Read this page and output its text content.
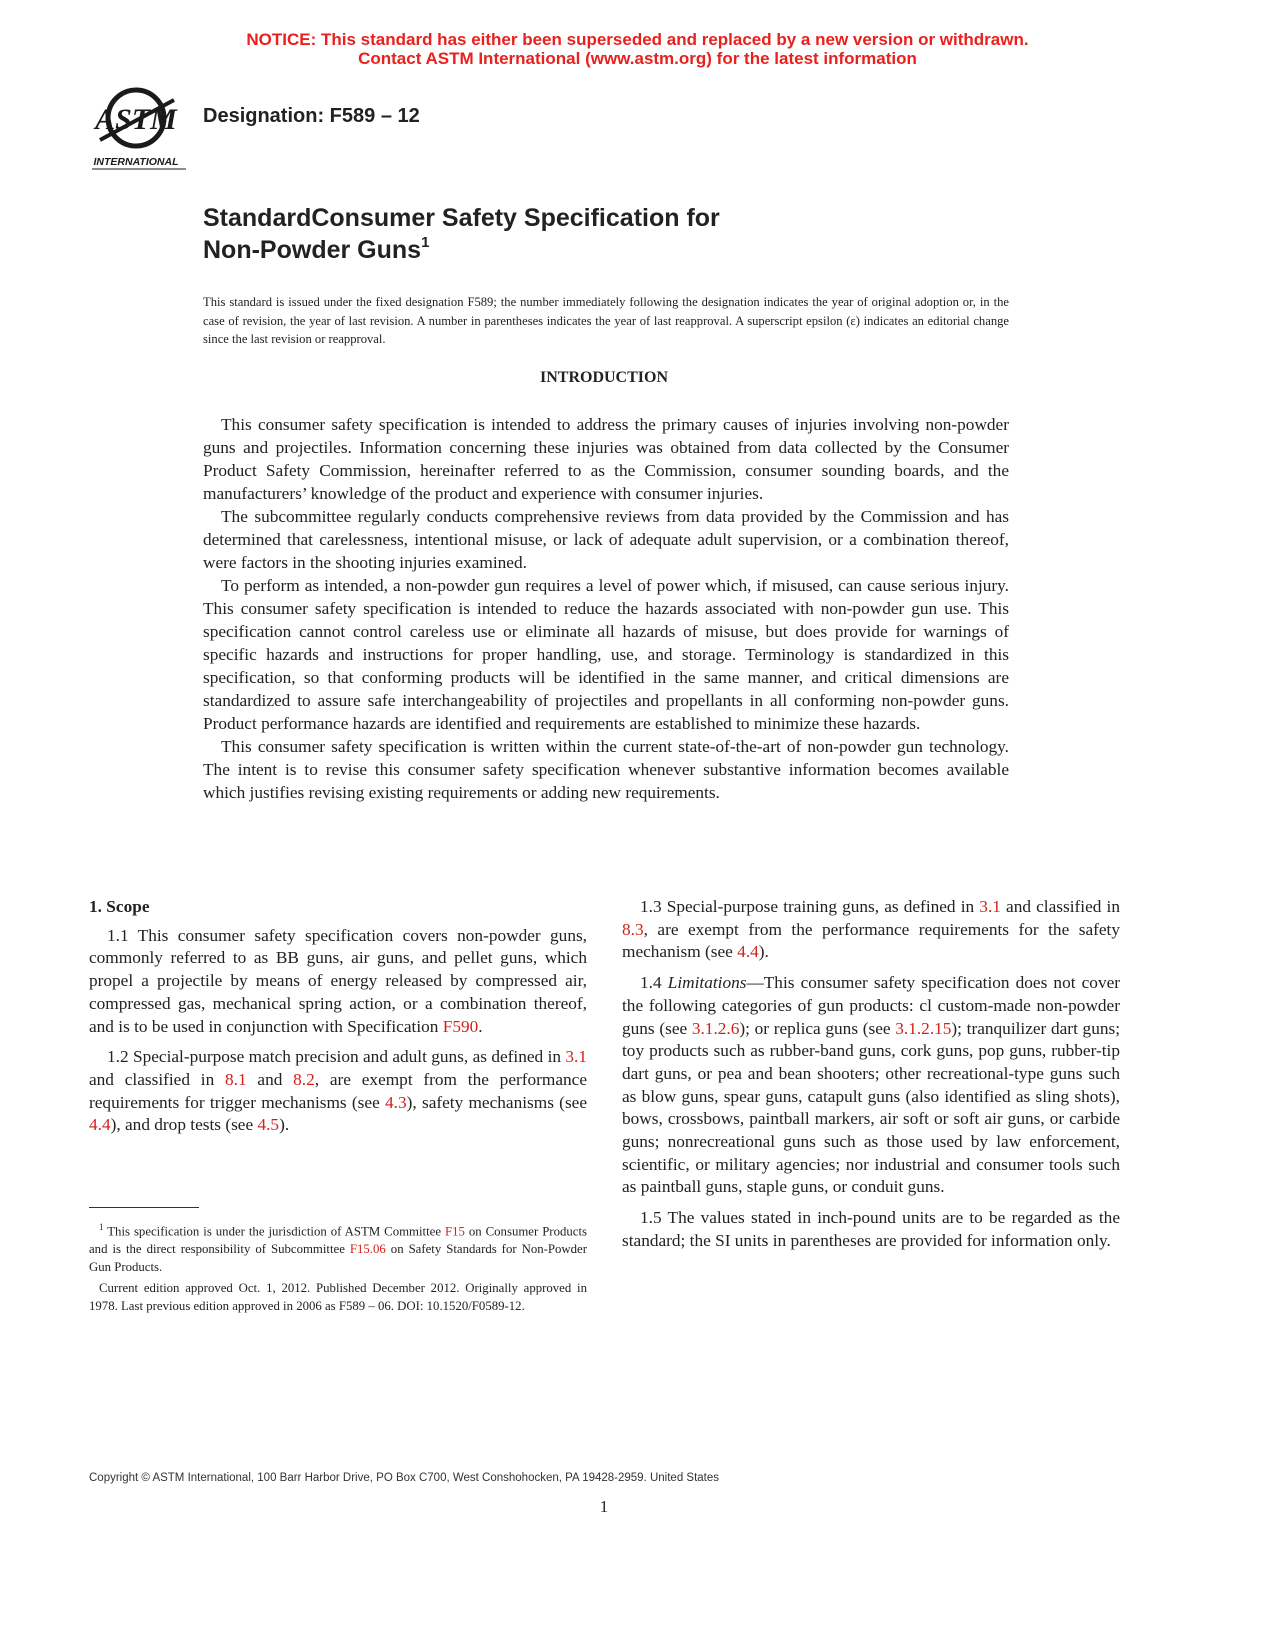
NOTICE: This standard has either been superseded and replaced by a new version or withdrawn.
Contact ASTM International (www.astm.org) for the latest information
ASTM
INTERNATIONAL
Designation: F589 – 12
StandardConsumer Safety Specification for
Non-Powder Guns$^1$
This standard is issued under the fixed designation F589; the number immediately following the designation indicates the year of original adoption or, in the case of revision, the year of last revision. A number in parentheses indicates the year of last reapproval. A superscript epsilon (ε) indicates an editorial change since the last revision or reapproval.
INTRODUCTION

This consumer safety specification is intended to address the primary causes of injuries involving non-powder guns and projectiles. Information concerning these injuries was obtained from data collected by the Consumer Product Safety Commission, hereinafter referred to as the Commission, consumer sounding boards, and the manufacturers’ knowledge of the product and experience with consumer injuries.

The subcommittee regularly conducts comprehensive reviews from data provided by the Commission and has determined that carelessness, intentional misuse, or lack of adequate adult supervision, or a combination thereof, were factors in the shooting injuries examined.

To perform as intended, a non-powder gun requires a level of power which, if misused, can cause serious injury. This consumer safety specification is intended to reduce the hazards associated with non-powder gun use. This specification cannot control careless use or eliminate all hazards of misuse, but does provide for warnings of specific hazards and instructions for proper handling, use, and storage. Terminology is standardized in this specification, so that conforming products will be identified in the same manner, and critical dimensions are standardized to assure safe interchangeability of projectiles and propellants in all conforming non-powder guns. Product performance hazards are identified and requirements are established to minimize these hazards.

This consumer safety specification is written within the current state-of-the-art of non-powder gun technology. The intent is to revise this consumer safety specification whenever substantive information becomes available which justifies revising existing requirements or adding new requirements.

1. Scope

1.1 This consumer safety specification covers non-powder guns, commonly referred to as BB guns, air guns, and pellet guns, which propel a projectile by means of energy released by compressed air, compressed gas, mechanical spring action, or a combination thereof, and is to be used in conjunction with Specification F590.

1.2 Special-purpose match precision and adult guns, as defined in 3.1 and classified in 8.1 and 8.2, are exempt from the performance requirements for trigger mechanisms (see 4.3), safety mechanisms (see 4.4), and drop tests (see 4.5).

$^1$ This specification is under the jurisdiction of ASTM Committee F15 on Consumer Products and is the direct responsibility of Subcommittee F15.06 on Safety Standards for Non-Powder Gun Products.

Current edition approved Oct. 1, 2012. Published December 2012. Originally approved in 1978. Last previous edition approved in 2006 as F589 – 06. DOI: 10.1520/F0589-12.

1.3 Special-purpose training guns, as defined in 3.1 and classified in 8.3, are exempt from the performance requirements for the safety mechanism (see 4.4).

1.4 Limitations—This consumer safety specification does not cover the following categories of gun products: cl custom-made non-powder guns (see 3.1.2.6); or replica guns (see 3.1.2.15); tranquilizer dart guns; toy products such as rubber-band guns, cork guns, pop guns, rubber-tip dart guns, or pea and bean shooters; other recreational-type guns such as blow guns, spear guns, catapult guns (also identified as sling shots), bows, crossbows, paintball markers, air soft or soft air guns, or carbide guns; nonrecreational guns such as those used by law enforcement, scientific, or military agencies; nor industrial and consumer tools such as paintball guns, staple guns, or conduit guns.

1.5 The values stated in inch-pound units are to be regarded as the standard; the SI units in parentheses are provided for information only.

Copyright © ASTM International, 100 Barr Harbor Drive, PO Box C700, West Conshohocken, PA 19428-2959. United States
1
